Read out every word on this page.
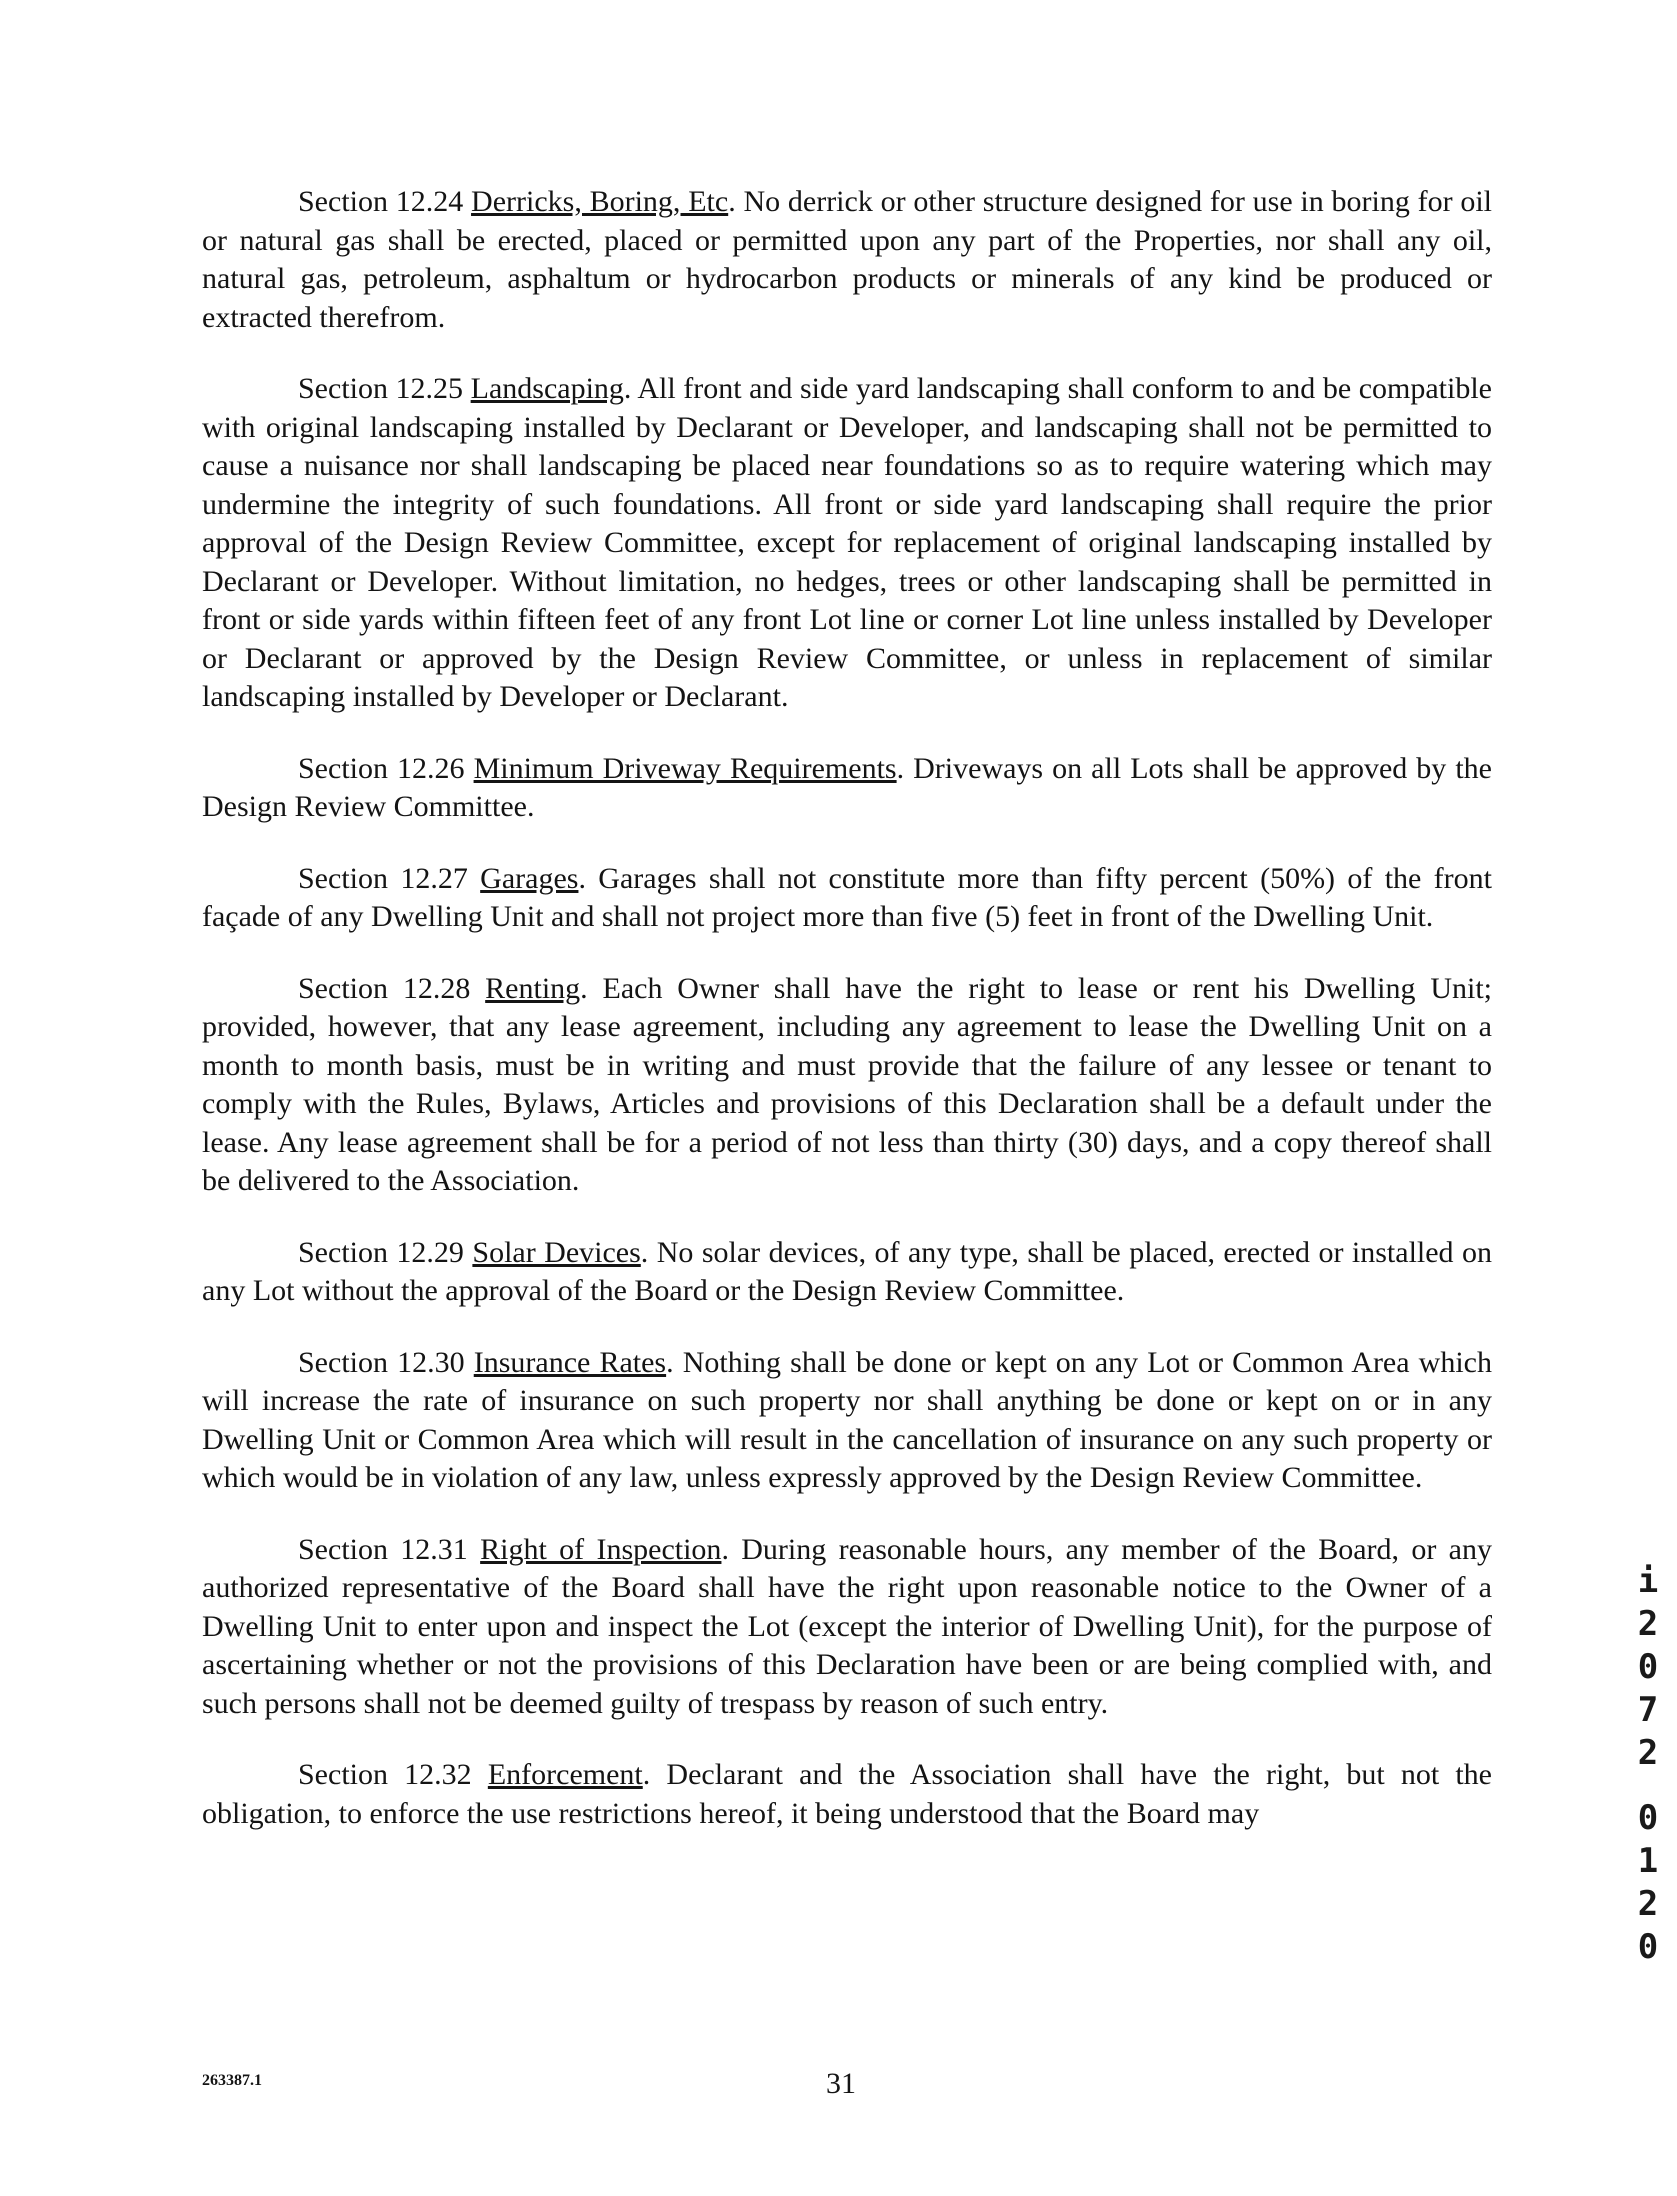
Section 12.24 Derricks, Boring, Etc. No derrick or other structure designed for use in boring for oil or natural gas shall be erected, placed or permitted upon any part of the Properties, nor shall any oil, natural gas, petroleum, asphaltum or hydrocarbon products or minerals of any kind be produced or extracted therefrom.

Section 12.25 Landscaping. All front and side yard landscaping shall conform to and be compatible with original landscaping installed by Declarant or Developer, and landscaping shall not be permitted to cause a nuisance nor shall landscaping be placed near foundations so as to require watering which may undermine the integrity of such foundations. All front or side yard landscaping shall require the prior approval of the Design Review Committee, except for replacement of original landscaping installed by Declarant or Developer. Without limitation, no hedges, trees or other landscaping shall be permitted in front or side yards within fifteen feet of any front Lot line or corner Lot line unless installed by Developer or Declarant or approved by the Design Review Committee, or unless in replacement of similar landscaping installed by Developer or Declarant.

Section 12.26 Minimum Driveway Requirements. Driveways on all Lots shall be approved by the Design Review Committee.

Section 12.27 Garages. Garages shall not constitute more than fifty percent (50%) of the front façade of any Dwelling Unit and shall not project more than five (5) feet in front of the Dwelling Unit.

Section 12.28 Renting. Each Owner shall have the right to lease or rent his Dwelling Unit; provided, however, that any lease agreement, including any agreement to lease the Dwelling Unit on a month to month basis, must be in writing and must provide that the failure of any lessee or tenant to comply with the Rules, Bylaws, Articles and provisions of this Declaration shall be a default under the lease. Any lease agreement shall be for a period of not less than thirty (30) days, and a copy thereof shall be delivered to the Association.

Section 12.29 Solar Devices. No solar devices, of any type, shall be placed, erected or installed on any Lot without the approval of the Board or the Design Review Committee.

Section 12.30 Insurance Rates. Nothing shall be done or kept on any Lot or Common Area which will increase the rate of insurance on such property nor shall anything be done or kept on or in any Dwelling Unit or Common Area which will result in the cancellation of insurance on any such property or which would be in violation of any law, unless expressly approved by the Design Review Committee.

Section 12.31 Right of Inspection. During reasonable hours, any member of the Board, or any authorized representative of the Board shall have the right upon reasonable notice to the Owner of a Dwelling Unit to enter upon and inspect the Lot (except the interior of Dwelling Unit), for the purpose of ascertaining whether or not the provisions of this Declaration have been or are being complied with, and such persons shall not be deemed guilty of trespass by reason of such entry.

Section 12.32 Enforcement. Declarant and the Association shall have the right, but not the obligation, to enforce the use restrictions hereof, it being understood that the Board may

263387.1	31
i
2
0
7
2
0
1
2
0
